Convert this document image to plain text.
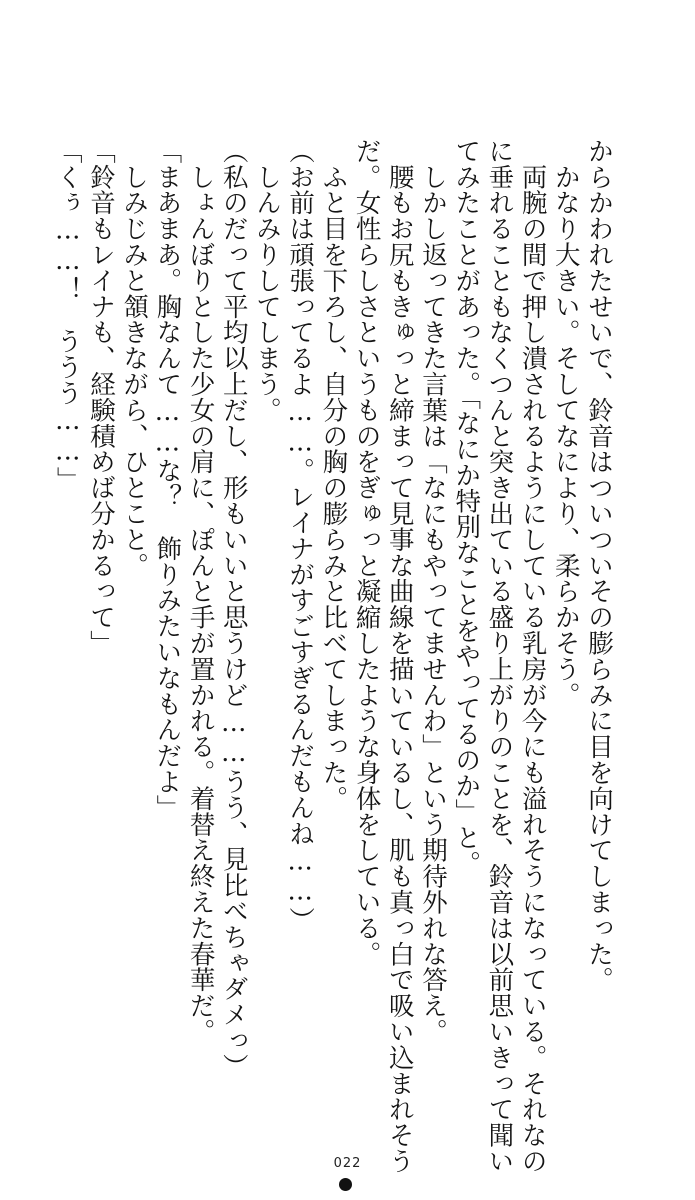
からかわれたせいで、鈴音はついついその膨らみに目を向けてしまった。
　かなり大きい。そしてなにより、柔らかそう。
　両腕の間で押し潰されるようにしている乳房が今にも溢れそうになっている。それなの
に垂れることもなくつんと突き出ている盛り上がりのことを、鈴音は以前思いきって聞い
てみたことがあった。「なにか特別なことをやってるのか」と。
　しかし返ってきた言葉は「なにもやってませんわ」という期待外れな答え。
　腰もお尻もきゅっと締まって見事な曲線を描いているし、肌も真っ白で吸い込まれそう
だ。女性らしさというものをぎゅっと凝縮したような身体をしている。
　ふと目を下ろし、自分の胸の膨らみと比べてしまった。
（お前は頑張ってるよ……。レイナがすごすぎるんだもんね……）
　しんみりしてしまう。
（私のだって平均以上だし、形もいいと思うけど……うう、見比べちゃダメっ）
　しょんぼりとした少女の肩に、ぽんと手が置かれる。着替え終えた春華だ。
「まあまあ。胸なんて……な？　飾りみたいなもんだよ」
　しみじみと頷きながら、ひとこと。
「鈴音もレイナも、経験積めば分かるって」
「くぅ……！　ううう……」
022
